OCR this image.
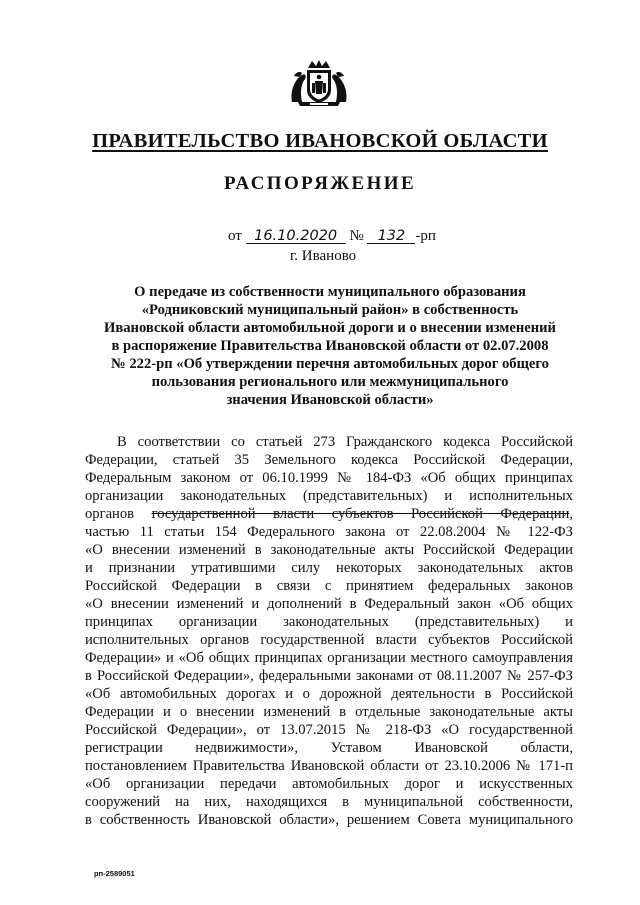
ПРАВИТЕЛЬСТВО ИВАНОВСКОЙ ОБЛАСТИ
РАСПОРЯЖЕНИЕ
от 16.10.2020 № 132 -рп
г. Иваново
О передаче из собственности муниципального образования
«Родниковский муниципальный район» в собственность
Ивановской области автомобильной дороги и о внесении изменений
в распоряжение Правительства Ивановской области от 02.07.2008
№ 222-рп «Об утверждении перечня автомобильных дорог общего
пользования регионального или межмуниципального
значения Ивановской области»
В соответствии со статьей 273 Гражданского кодекса Российской
Федерации, статьей 35 Земельного кодекса Российской Федерации,
Федеральным законом от 06.10.1999 № 184-ФЗ «Об общих принципах
организации законодательных (представительных) и исполнительных
органов государственной власти субъектов Российской Федерации,
частью 11 статьи 154 Федерального закона от 22.08.2004 № 122-ФЗ
«О внесении изменений в законодательные акты Российской Федерации
и признании утратившими силу некоторых законодательных актов
Российской Федерации в связи с принятием федеральных законов
«О внесении изменений и дополнений в Федеральный закон «Об общих
принципах организации законодательных (представительных) и
исполнительных органов государственной власти субъектов Российской
Федерации» и «Об общих принципах организации местного самоуправления
в Российской Федерации», федеральными законами от 08.11.2007 № 257-ФЗ
«Об автомобильных дорогах и о дорожной деятельности в Российской
Федерации и о внесении изменений в отдельные законодательные акты
Российской Федерации», от 13.07.2015 № 218-ФЗ «О государственной
регистрации недвижимости», Уставом Ивановской области,
постановлением Правительства Ивановской области от 23.10.2006 № 171-п
«Об организации передачи автомобильных дорог и искусственных
сооружений на них, находящихся в муниципальной собственности,
в собственность Ивановской области», решением Совета муниципального
рп-2589051
